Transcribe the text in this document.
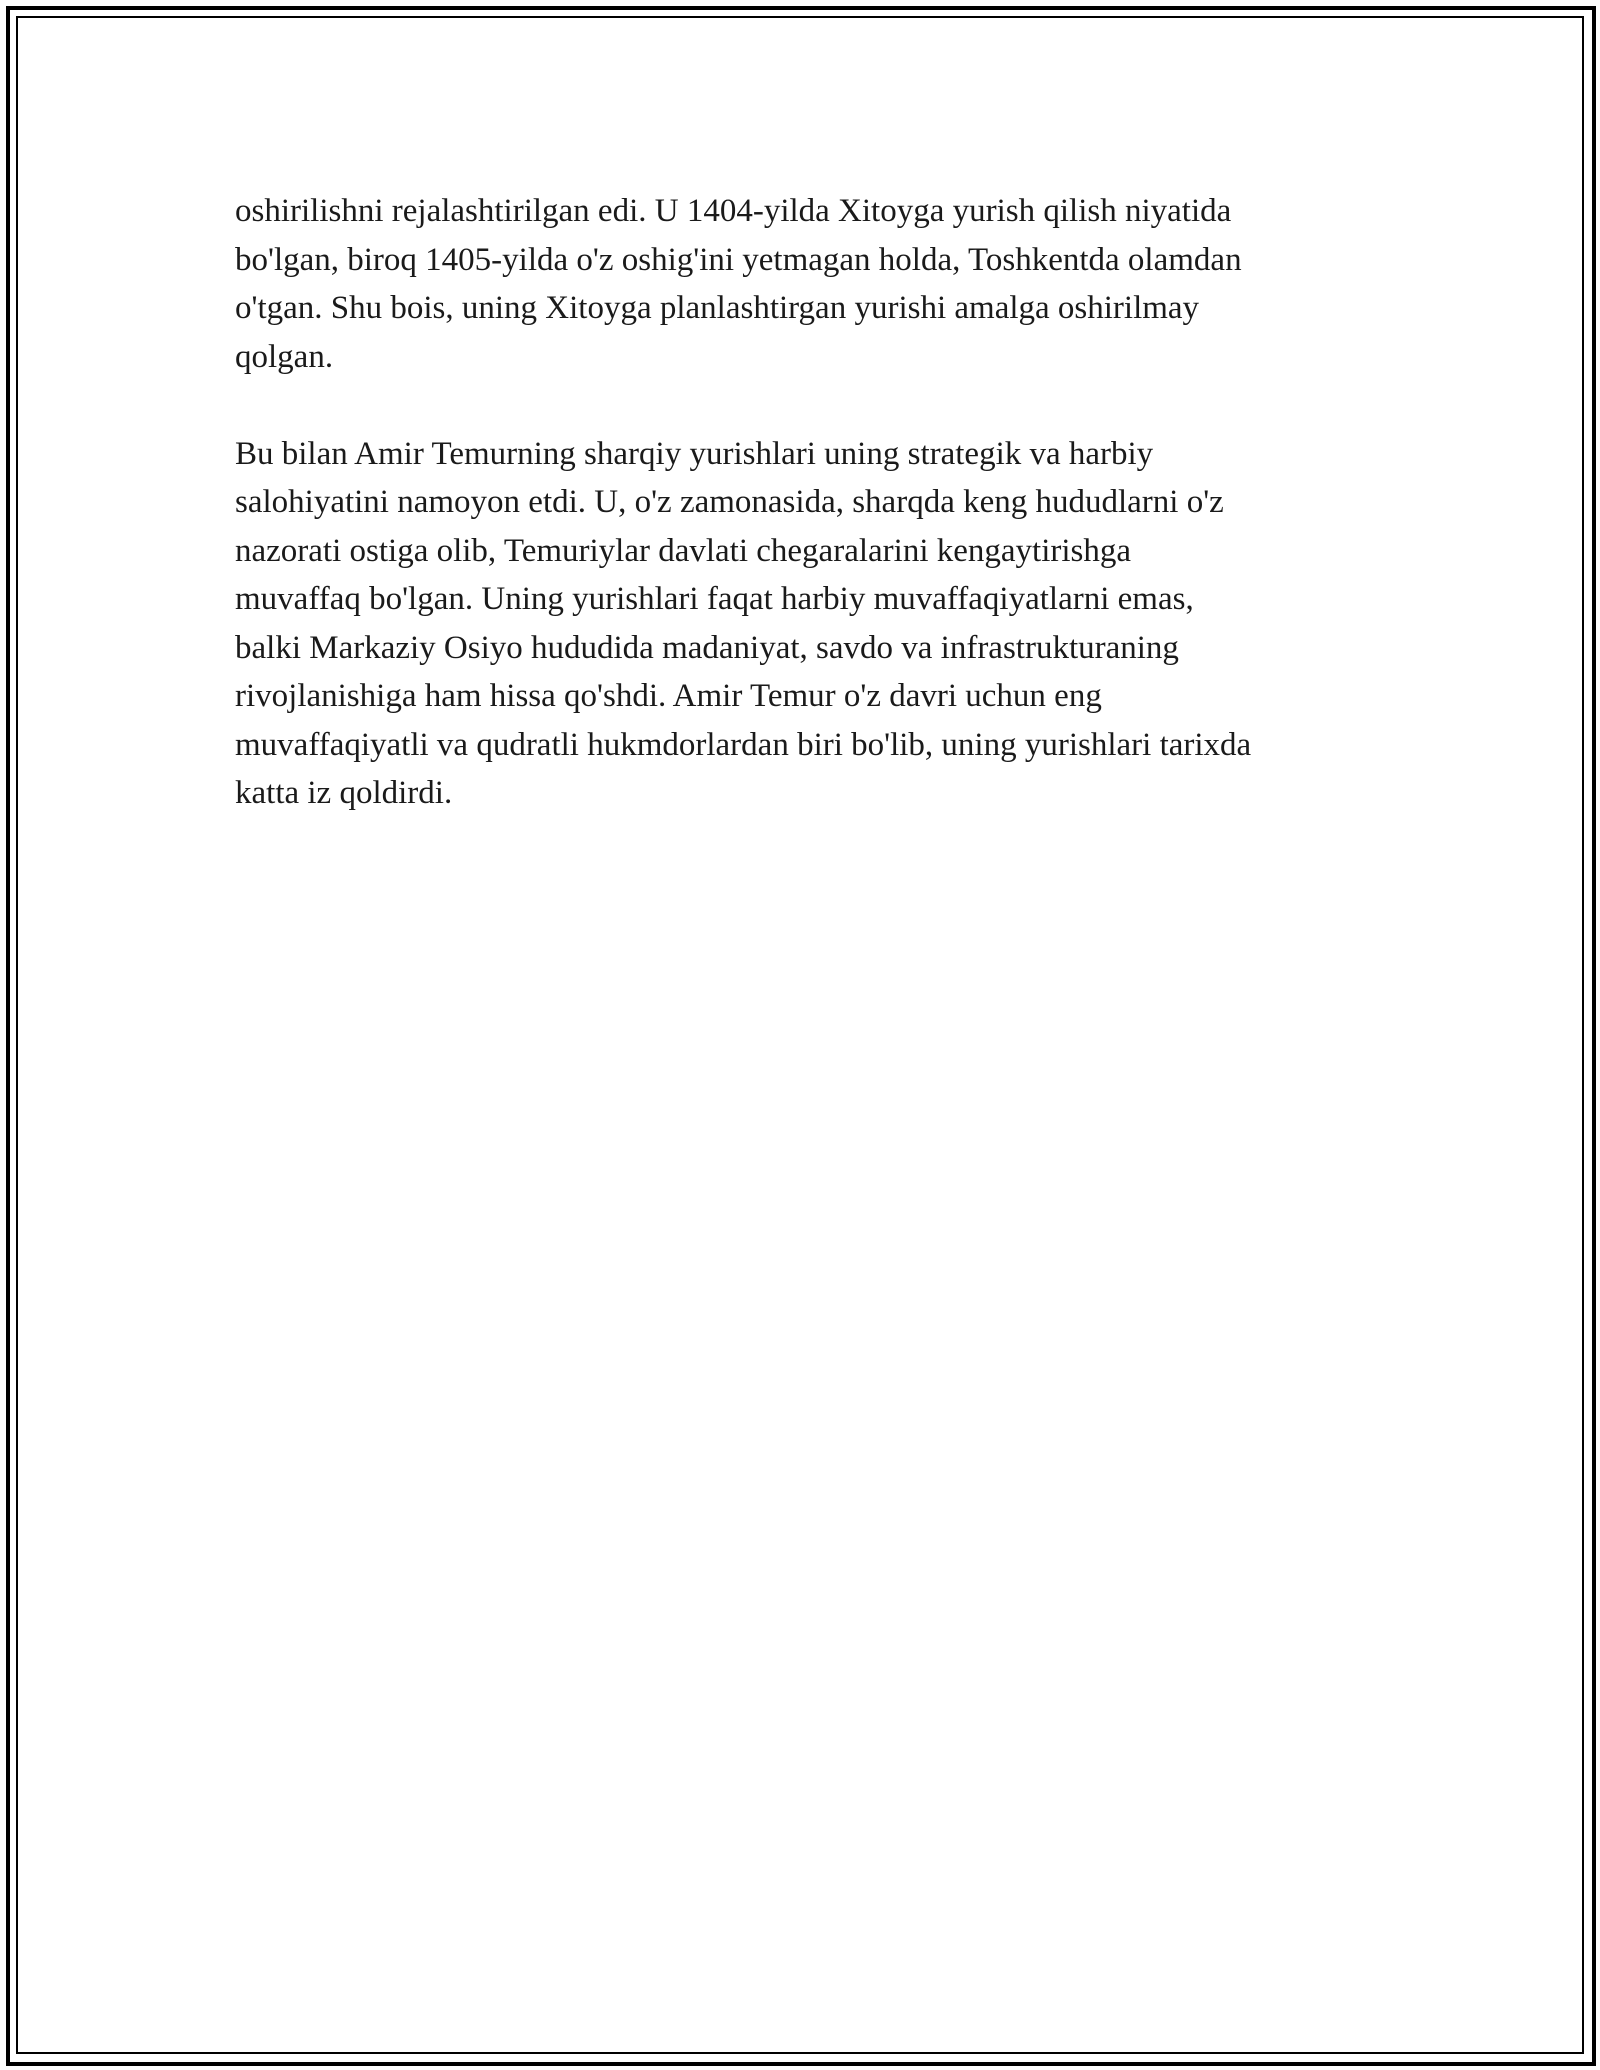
oshirilishni rejalashtirilgan edi. U 1404-yilda Xitoyga yurish qilish niyatida
bo'lgan, biroq 1405-yilda o'z oshig'ini yetmagan holda, Toshkentda olamdan
o'tgan. Shu bois, uning Xitoyga planlashtirgan yurishi amalga oshirilmay
qolgan.

Bu bilan Amir Temurning sharqiy yurishlari uning strategik va harbiy
salohiyatini namoyon etdi. U, o'z zamonasida, sharqda keng hududlarni o'z
nazorati ostiga olib, Temuriylar davlati chegaralarini kengaytirishga
muvaffaq bo'lgan. Uning yurishlari faqat harbiy muvaffaqiyatlarni emas,
balki Markaziy Osiyo hududida madaniyat, savdo va infrastrukturaning
rivojlanishiga ham hissa qo'shdi. Amir Temur o'z davri uchun eng
muvaffaqiyatli va qudratli hukmdorlardan biri bo'lib, uning yurishlari tarixda
katta iz qoldirdi.
